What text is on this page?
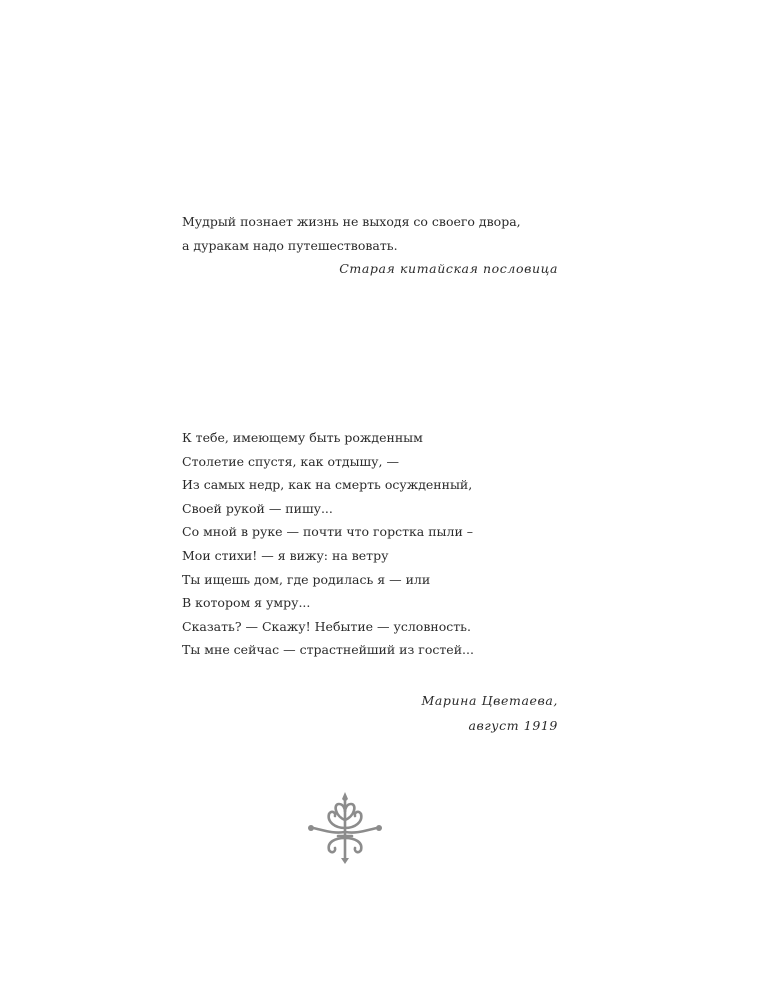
Мудрый познает жизнь не выходя со своего двора,
а дуракам надо путешествовать.
Старая китайская пословица
К тебе, имеющему быть рожденным
Столетие спустя, как отдышу, —
Из самых недр, как на смерть осужденный,
Своей рукой — пишу...
Со мной в руке — почти что горстка пыли –
Мои стихи! — я вижу: на ветру
Ты ищешь дом, где родилась я — или
В котором я умру...
Сказать? — Скажу! Небытие — условность.
Ты мне сейчас — страстнейший из гостей...
Марина Цветаева,
август 1919
